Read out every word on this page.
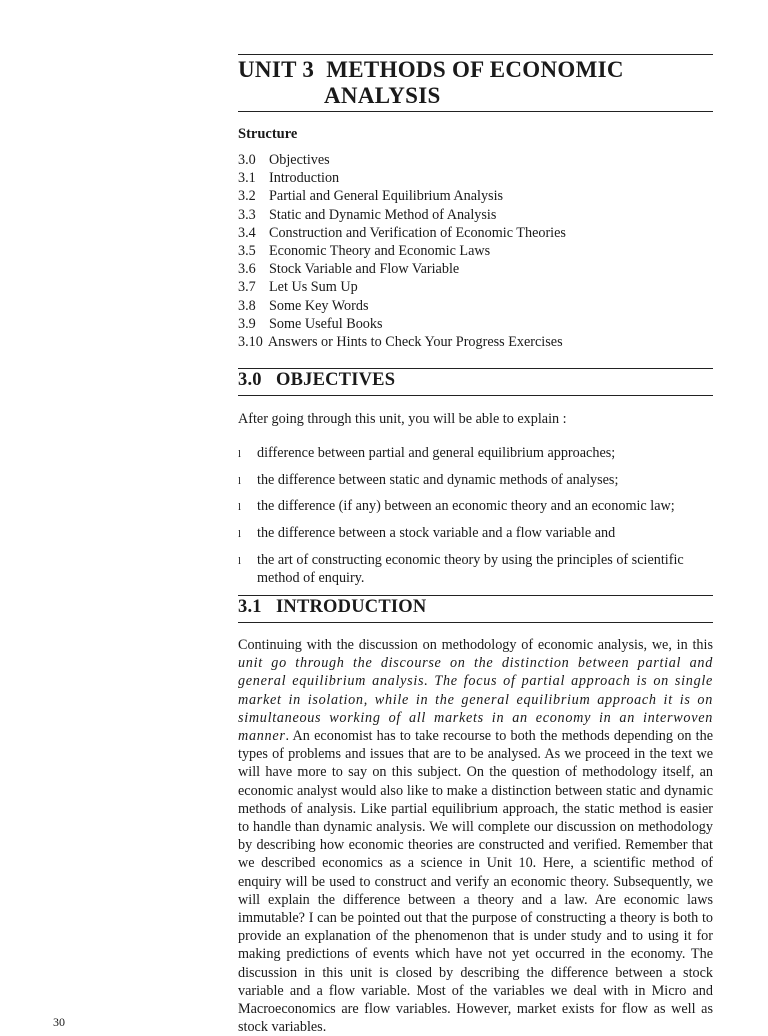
UNIT 3 METHODS OF ECONOMIC
ANALYSIS
Structure
3.0 Objectives
3.1 Introduction
3.2 Partial and General Equilibrium Analysis
3.3 Static and Dynamic Method of Analysis
3.4 Construction and Verification of Economic Theories
3.5 Economic Theory and Economic Laws
3.6 Stock Variable and Flow Variable
3.7 Let Us Sum Up
3.8 Some Key Words
3.9 Some Useful Books
3.10 Answers or Hints to Check Your Progress Exercises
3.0 OBJECTIVES
After going through this unit, you will be able to explain :
l difference between partial and general equilibrium approaches;
l the difference between static and dynamic methods of analyses;
l the difference (if any) between an economic theory and an economic law;
l the difference between a stock variable and a flow variable and
l the art of constructing economic theory by using the principles of scientific method of enquiry.
3.1 INTRODUCTION
Continuing with the discussion on methodology of economic analysis, we, in this unit go through the discourse on the distinction between partial and general equilibrium analysis. The focus of partial approach is on single market in isolation, while in the general equilibrium approach it is on simultaneous working of all markets in an economy in an interwoven manner. An economist has to take recourse to both the methods depending on the types of problems and issues that are to be analysed. As we proceed in the text we will have more to say on this subject. On the question of methodology itself, an economic analyst would also like to make a distinction between static and dynamic methods of analysis. Like partial equilibrium approach, the static method is easier to handle than dynamic analysis. We will complete our discussion on methodology by describing how economic theories are constructed and verified. Remember that we described economics as a science in Unit 10. Here, a scientific method of enquiry will be used to construct and verify an economic theory. Subsequently, we will explain the difference between a theory and a law. Are economic laws immutable? I can be pointed out that the purpose of constructing a theory is both to provide an explanation of the phenomenon that is under study and to using it for making predictions of events which have not yet occurred in the economy. The discussion in this unit is closed by describing the difference between a stock variable and a flow variable. Most of the variables we deal with in Micro and Macroeconomics are flow variables. However, market exists for flow as well as stock variables.
30
